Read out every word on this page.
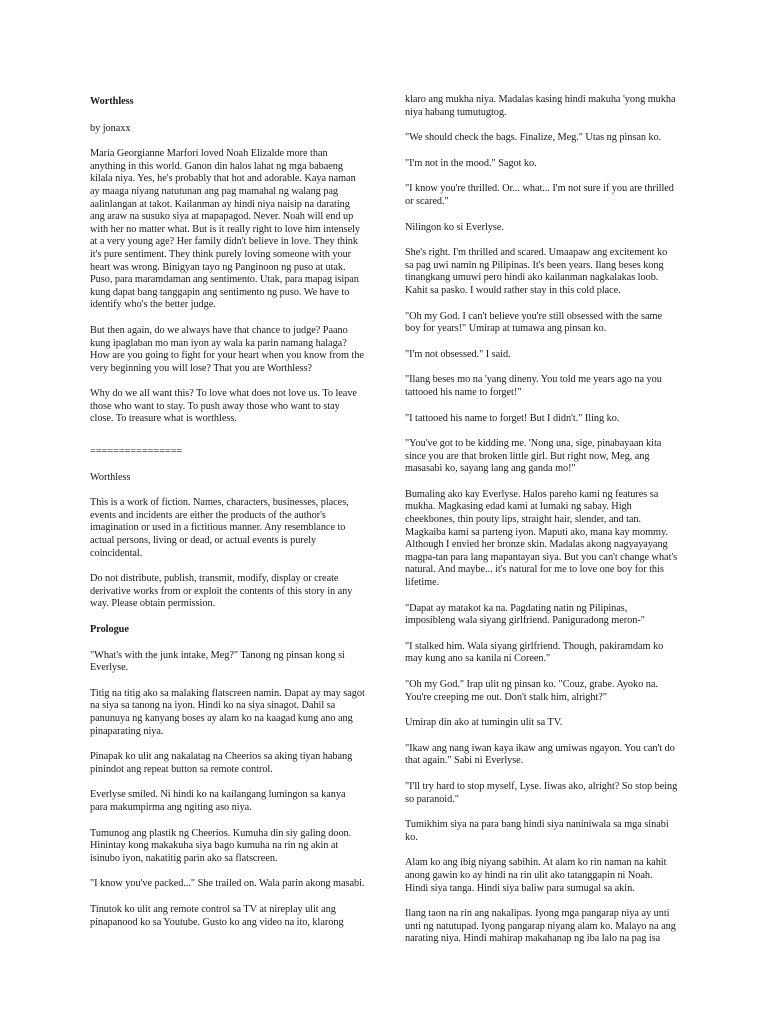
Worthless

by jonaxx

Maria Georgianne Marfori loved Noah Elizalde more than anything in this world. Ganon din halos lahat ng mga babaeng kilala niya. Yes, he's probably that hot and adorable. Kaya naman ay maaga niyang natutunan ang pag mamahal ng walang pag aalinlangan at takot. Kailanman ay hindi niya naisip na darating ang araw na susuko siya at mapapagod. Never. Noah will end up with her no matter what. But is it really right to love him intensely at a very young age? Her family didn't believe in love. They think it's pure sentiment. They think purely loving someone with your heart was wrong. Binigyan tayo ng Panginoon ng puso at utak. Puso, para maramdaman ang sentimento. Utak, para mapag isipan kung dapat bang tanggapin ang sentimento ng puso. We have to identify who's the better judge.

But then again, do we always have that chance to judge? Paano kung ipaglaban mo man iyon ay wala ka parin namang halaga? How are you going to fight for your heart when you know from the very beginning you will lose? That you are Worthless?

Why do we all want this? To love what does not love us. To leave those who want to stay. To push away those who want to stay close. To treasure what is worthless.

================

Worthless

This is a work of fiction. Names, characters, businesses, places, events and incidents are either the products of the author's imagination or used in a fictitious manner. Any resemblance to actual persons, living or dead, or actual events is purely coincidental.

Do not distribute, publish, transmit, modify, display or create derivative works from or exploit the contents of this story in any way. Please obtain permission.

Prologue

"What's with the junk intake, Meg?" Tanong ng pinsan kong si Everlyse.

Titig na titig ako sa malaking flatscreen namin. Dapat ay may sagot na siya sa tanong na iyon. Hindi ko na siya sinagot. Dahil sa panunuya ng kanyang boses ay alam ko na kaagad kung ano ang pinaparating niya.

Pinapak ko ulit ang nakalatag na Cheerios sa aking tiyan habang pinindot ang repeat button sa remote control.

Everlyse smiled. Ni hindi ko na kailangang lumingon sa kanya para makumpirma ang ngiting aso niya.

Tumunog ang plastik ng Cheerios. Kumuha din siy galing doon. Hinintay kong makakuha siya bago kumuha na rin ng akin at isinubo iyon, nakatitig parin ako sa flatscreen.

"I know you've packed..." She trailed on. Wala parin akong masabi.

Tinutok ko ulit ang remote control sa TV at nireplay ulit ang pinapanood ko sa Youtube. Gusto ko ang video na ito, klarong

klaro ang mukha niya. Madalas kasing hindi makuha 'yong mukha niya habang tumutugtog.

"We should check the bags. Finalize, Meg." Utas ng pinsan ko.

"I'm not in the mood." Sagot ko.

"I know you're thrilled. Or... what... I'm not sure if you are thrilled or scared."

Nilingon ko si Everlyse.

She's right. I'm thrilled and scared. Umaapaw ang excitement ko sa pag uwi namin ng Pilipinas. It's been years. Ilang beses kong tinangkang umuwi pero hindi ako kailanman nagkalakas loob. Kahit sa pasko. I would rather stay in this cold place.

"Oh my God. I can't believe you're still obsessed with the same boy for years!" Umirap at tumawa ang pinsan ko.

"I'm not obsessed." I said.

"Ilang beses mo na 'yang dineny. You told me years ago na you tattooed his name to forget!"

"I tattooed his name to forget! But I didn't." Iling ko.

"You've got to be kidding me. 'Nong una, sige, pinabayaan kita since you are that broken little girl. But right now, Meg, ang masasabi ko, sayang lang ang ganda mo!"

Bumaling ako kay Everlyse. Halos pareho kami ng features sa mukha. Magkasing edad kami at lumaki ng sabay. High cheekbones, thin pouty lips, straight hair, slender, and tan. Magkaiba kami sa parteng iyon. Maputi ako, mana kay mommy. Although I envied her bronze skin. Madalas akong nagyayayang magpa-tan para lang mapantayan siya. But you can't change what's natural. And maybe... it's natural for me to love one boy for this lifetime.

"Dapat ay matakot ka na. Pagdating natin ng Pilipinas, imposibleng wala siyang girlfriend. Paniguradong meron-"

"I stalked him. Wala siyang girlfriend. Though, pakiramdam ko may kung ano sa kanila ni Coreen."

"Oh my God." Irap ulit ng pinsan ko. "Couz, grabe. Ayoko na. You're creeping me out. Don't stalk him, alright?"

Umirap din ako at tumingin ulit sa TV.

"Ikaw ang nang iwan kaya ikaw ang umiwas ngayon. You can't do that again." Sabi ni Everlyse.

"I'll try hard to stop myself, Lyse. Iiwas ako, alright? So stop being so paranoid."

Tumikhim siya na para bang hindi siya naniniwala sa mga sinabi ko.

Alam ko ang ibig niyang sabihin. At alam ko rin naman na kahit anong gawin ko ay hindi na rin ulit ako tatanggapin ni Noah. Hindi siya tanga. Hindi siya baliw para sumugal sa akin.

Ilang taon na rin ang nakalipas. Iyong mga pangarap niya ay unti unti ng natutupad. Iyong pangarap niyang alam ko. Malayo na ang narating niya. Hindi mahirap makahanap ng iba lalo na pag isa
